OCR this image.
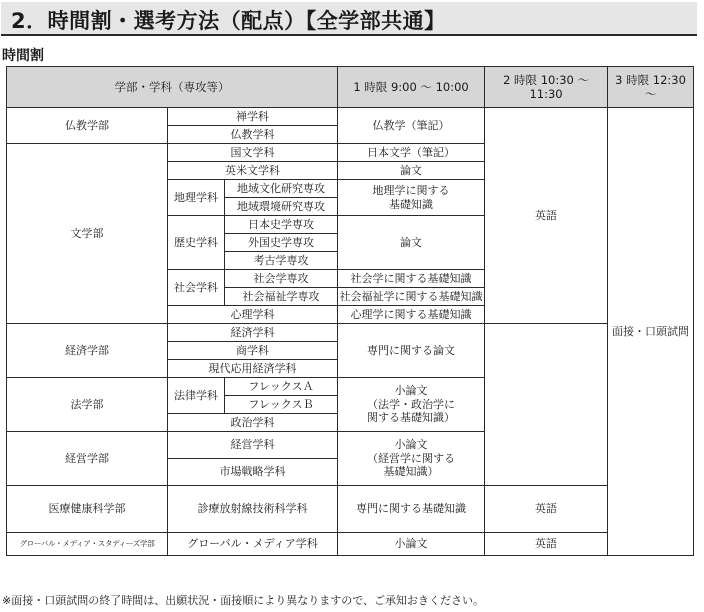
2．時間割・選考方法（配点）【全学部共通】
時間割
学部・学科（専攻等）			1 時限 9:00 ～ 10:00	2 時限 10:30 ～ 11:30	3 時限 12:30 ～
仏教学部	禅学科		仏教学（筆記）	英語	面接・口頭試問
	仏教学科				
文学部	国文学科		日本文学（筆記）		
	英米文学科		論文		
	地理学科	地域文化研究専攻	地理学に関する
基礎知識		
		地域環境研究専攻			
	歴史学科	日本史学専攻	論文		
		外国史学専攻			
		考古学専攻			
	社会学科	社会学専攻	社会学に関する基礎知識		
		社会福祉学専攻	社会福祉学に関する基礎知識		
	心理学科		心理学に関する基礎知識		
経済学部	経済学科		専門に関する論文		
	商学科				
	現代応用経済学科				
法学部	法律学科	フレックスＡ	小論文
（法学・政治学に
関する基礎知識）		
		フレックスＢ			
	政治学科				
経営学部	経営学科		小論文
（経営学に関する
基礎知識）		
	市場戦略学科				
医療健康科学部	診療放射線技術科学科		専門に関する基礎知識	英語	
グローバル・メディア・スタディーズ学部	グローバル・メディア学科		小論文	英語	
※面接・口頭試問の終了時間は、出願状況・面接順により異なりますので、ご承知おきください。
